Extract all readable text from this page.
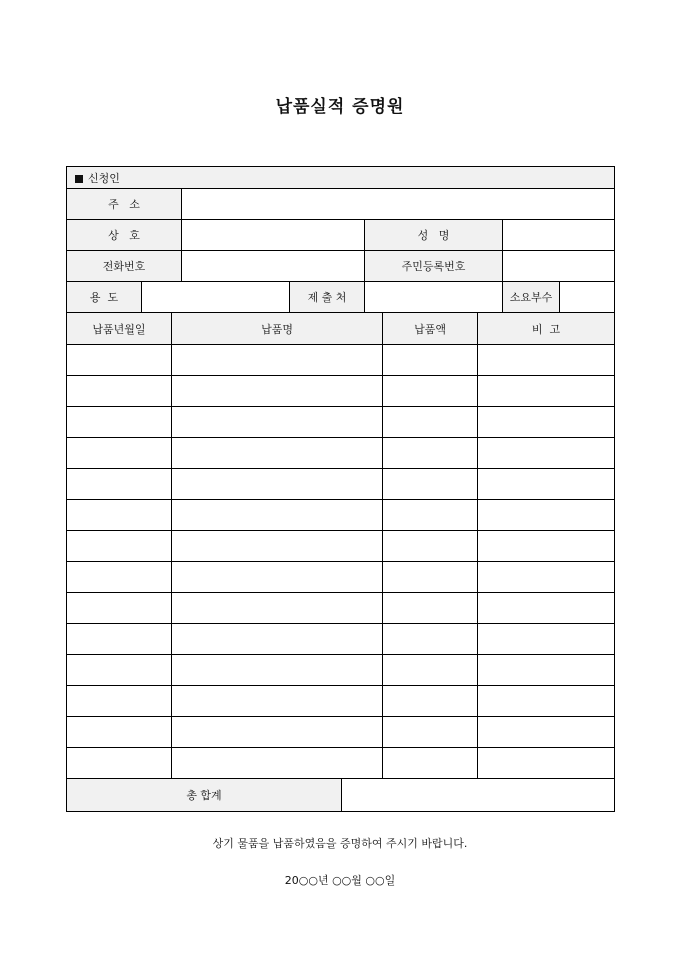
납품실적 증명원
신청인						
주   소						
상   호				성   명		
전화번호				주민등록번호		
용  도			제 출 처		소요부수	
납품년월일	납품명		납품액	비  고

총 합계				
상기 물품을 납품하였음을 증명하여 주시기 바랍니다.
20○○년 ○○월 ○○일
